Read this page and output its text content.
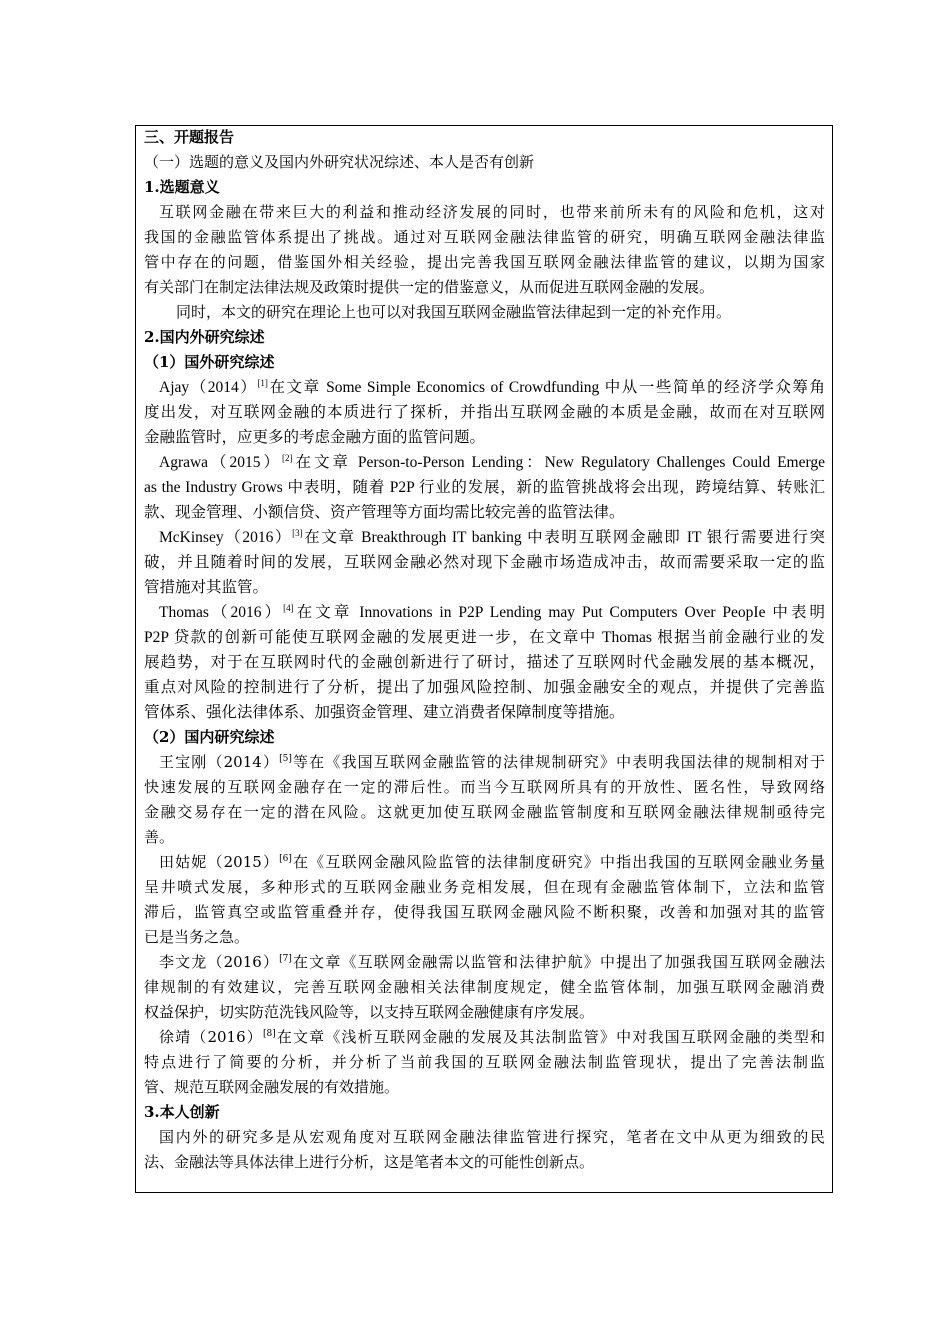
三、开题报告
（一）选题的意义及国内外研究状况综述、本人是否有创新
1.选题意义
互联网金融在带来巨大的利益和推动经济发展的同时，也带来前所未有的风险和危机，这对
我国的金融监管体系提出了挑战。通过对互联网金融法律监管的研究，明确互联网金融法律监
管中存在的问题，借鉴国外相关经验，提出完善我国互联网金融法律监管的建议，以期为国家
有关部门在制定法律法规及政策时提供一定的借鉴意义，从而促进互联网金融的发展。
同时，本文的研究在理论上也可以对我国互联网金融监管法律起到一定的补充作用。
2.国内外研究综述
（1）国外研究综述
Ajay（2014）[1]在文章 Some Simple Economics of Crowdfunding 中从一些简单的经济学众筹角
度出发，对互联网金融的本质进行了探析，并指出互联网金融的本质是金融，故而在对互联网
金融监管时，应更多的考虑金融方面的监管问题。
Agrawa（2015）[2]在文章 Person-to-Person Lending：New Regulatory Challenges Could Emerge
as the Industry Grows 中表明，随着 P2P 行业的发展，新的监管挑战将会出现，跨境结算、转账汇
款、现金管理、小额信贷、资产管理等方面均需比较完善的监管法律。
McKinsey（2016）[3]在文章 Breakthrough IT banking 中表明互联网金融即 IT 银行需要进行突
破，并且随着时间的发展，互联网金融必然对现下金融市场造成冲击，故而需要采取一定的监
管措施对其监管。
Thomas（2016）[4]在文章 Innovations in P2P Lending may Put Computers Over PeopIe 中表明
P2P 贷款的创新可能使互联网金融的发展更进一步，在文章中 Thomas 根据当前金融行业的发
展趋势，对于在互联网时代的金融创新进行了研讨，描述了互联网时代金融发展的基本概况，
重点对风险的控制进行了分析，提出了加强风险控制、加强金融安全的观点，并提供了完善监
管体系、强化法律体系、加强资金管理、建立消费者保障制度等措施。
（2）国内研究综述
王宝刚（2014）[5]等在《我国互联网金融监管的法律规制研究》中表明我国法律的规制相对于
快速发展的互联网金融存在一定的滞后性。而当今互联网所具有的开放性、匿名性，导致网络
金融交易存在一定的潜在风险。这就更加使互联网金融监管制度和互联网金融法律规制亟待完
善。
田姑妮（2015）[6]在《互联网金融风险监管的法律制度研究》中指出我国的互联网金融业务量
呈井喷式发展，多种形式的互联网金融业务竞相发展，但在现有金融监管体制下，立法和监管
滞后，监管真空或监管重叠并存，使得我国互联网金融风险不断积聚，改善和加强对其的监管
已是当务之急。
李文龙（2016）[7]在文章《互联网金融需以监管和法律护航》中提出了加强我国互联网金融法
律规制的有效建议，完善互联网金融相关法律制度规定，健全监管体制，加强互联网金融消费
权益保护，切实防范洗钱风险等，以支持互联网金融健康有序发展。
徐靖（2016）[8]在文章《浅析互联网金融的发展及其法制监管》中对我国互联网金融的类型和
特点进行了简要的分析，并分析了当前我国的互联网金融法制监管现状，提出了完善法制监
管、规范互联网金融发展的有效措施。
3.本人创新
国内外的研究多是从宏观角度对互联网金融法律监管进行探究，笔者在文中从更为细致的民
法、金融法等具体法律上进行分析，这是笔者本文的可能性创新点。
